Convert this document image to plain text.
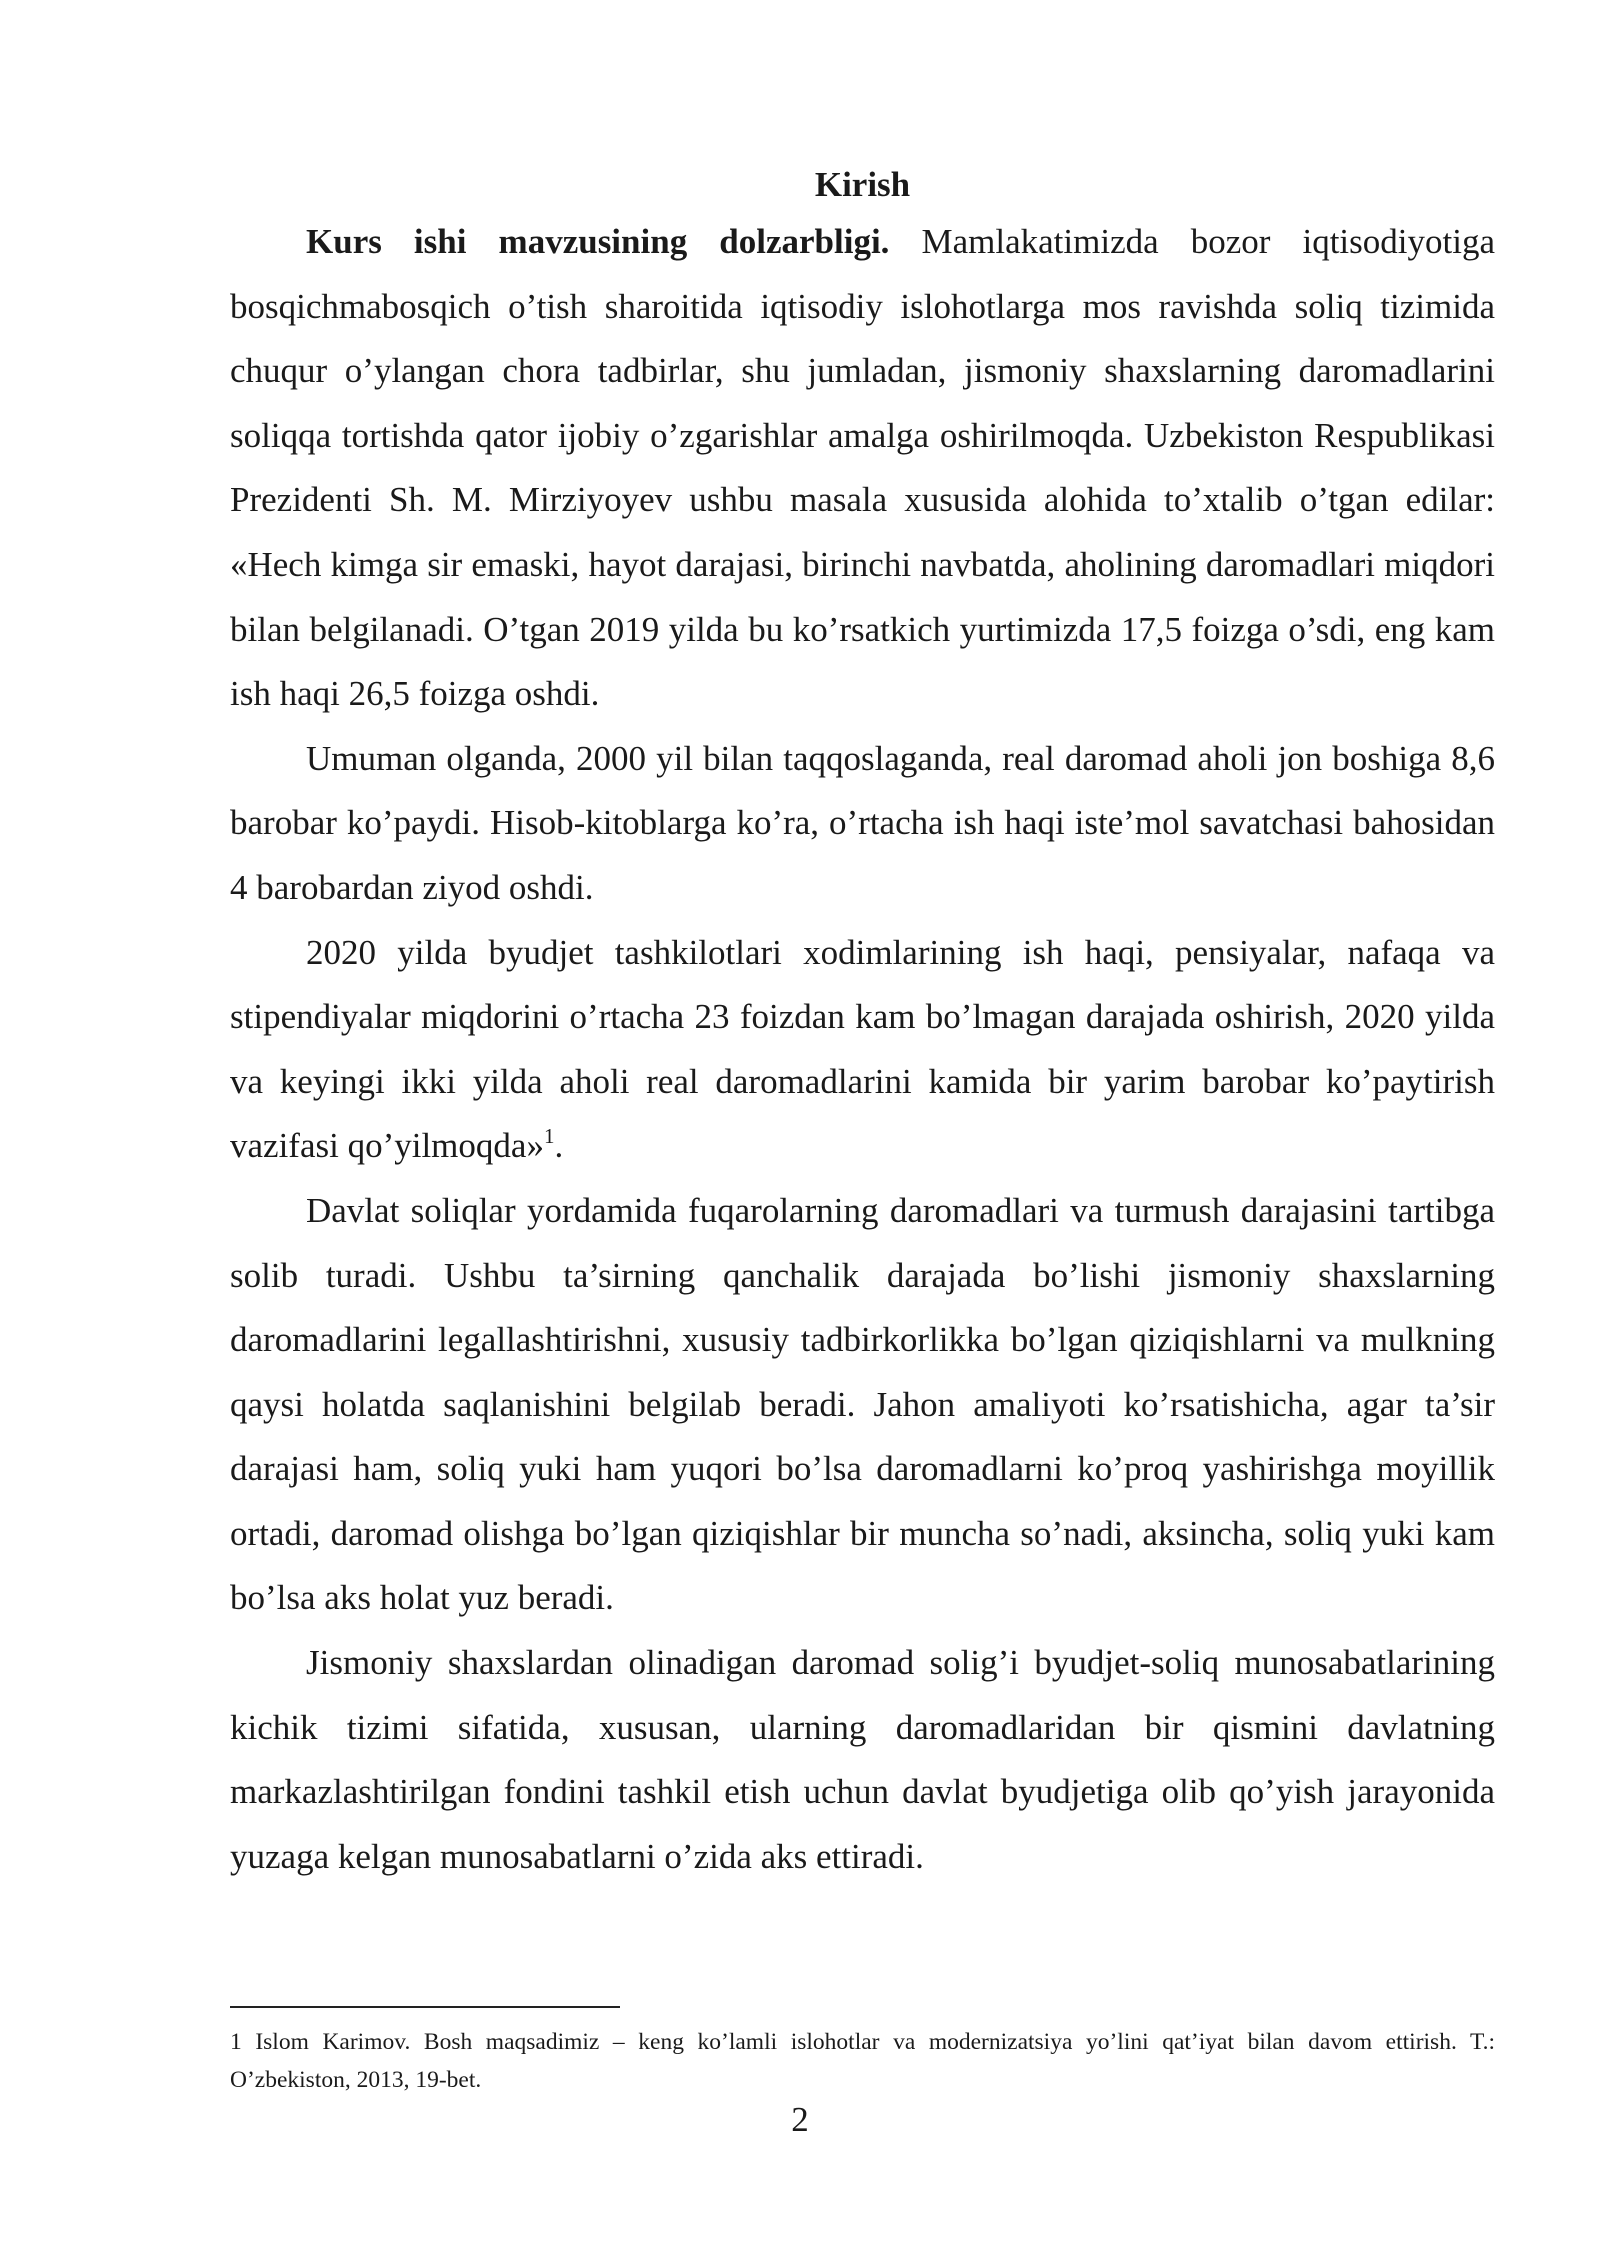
Kirish

Kurs ishi mavzusining dolzarbligi. Mamlakatimizda bozor iqtisodiyotiga bosqichmabosqich o’tish sharoitida iqtisodiy islohotlarga mos ravishda soliq tizimida chuqur o’ylangan chora tadbirlar, shu jumladan, jismoniy shaxslarning daromadlarini soliqqa tortishda qator ijobiy o’zgarishlar amalga oshirilmoqda. Uzbekiston Respublikasi Prezidenti Sh. M. Mirziyoyev ushbu masala xususida alohida to’xtalib o’tgan edilar: «Hech kimga sir emaski, hayot darajasi, birinchi navbatda, aholining daromadlari miqdori bilan belgilanadi. O’tgan 2019 yilda bu ko’rsatkich yurtimizda 17,5 foizga o’sdi, eng kam ish haqi 26,5 foizga oshdi.

Umuman olganda, 2000 yil bilan taqqoslaganda, real daromad aholi jon boshiga 8,6 barobar ko’paydi. Hisob-kitoblarga ko’ra, o’rtacha ish haqi iste’mol savatchasi bahosidan 4 barobardan ziyod oshdi.

2020 yilda byudjet tashkilotlari xodimlarining ish haqi, pensiyalar, nafaqa va stipendiyalar miqdorini o’rtacha 23 foizdan kam bo’lmagan darajada oshirish, 2020 yilda va keyingi ikki yilda aholi real daromadlarini kamida bir yarim barobar ko’paytirish vazifasi qo’yilmoqda»$^1$.

Davlat soliqlar yordamida fuqarolarning daromadlari va turmush darajasini tartibga solib turadi. Ushbu ta’sirning qanchalik darajada bo’lishi jismoniy shaxslarning daromadlarini legallashtirishni, xususiy tadbirkorlikka bo’lgan qiziqishlarni va mulkning qaysi holatda saqlanishini belgilab beradi. Jahon amaliyoti ko’rsatishicha, agar ta’sir darajasi ham, soliq yuki ham yuqori bo’lsa daromadlarni ko’proq yashirishga moyillik ortadi, daromad olishga bo’lgan qiziqishlar bir muncha so’nadi, aksincha, soliq yuki kam bo’lsa aks holat yuz beradi.

Jismoniy shaxslardan olinadigan daromad solig’i byudjet-soliq munosabatlarining kichik tizimi sifatida, xususan, ularning daromadlaridan bir qismini davlatning markazlashtirilgan fondini tashkil etish uchun davlat byudjetiga olib qo’yish jarayonida yuzaga kelgan munosabatlarni o’zida aks ettiradi.

1 Islom Karimov. Bosh maqsadimiz – keng ko’lamli islohotlar va modernizatsiya yo’lini qat’iyat bilan davom ettirish. T.: O’zbekiston, 2013, 19-bet.

2
